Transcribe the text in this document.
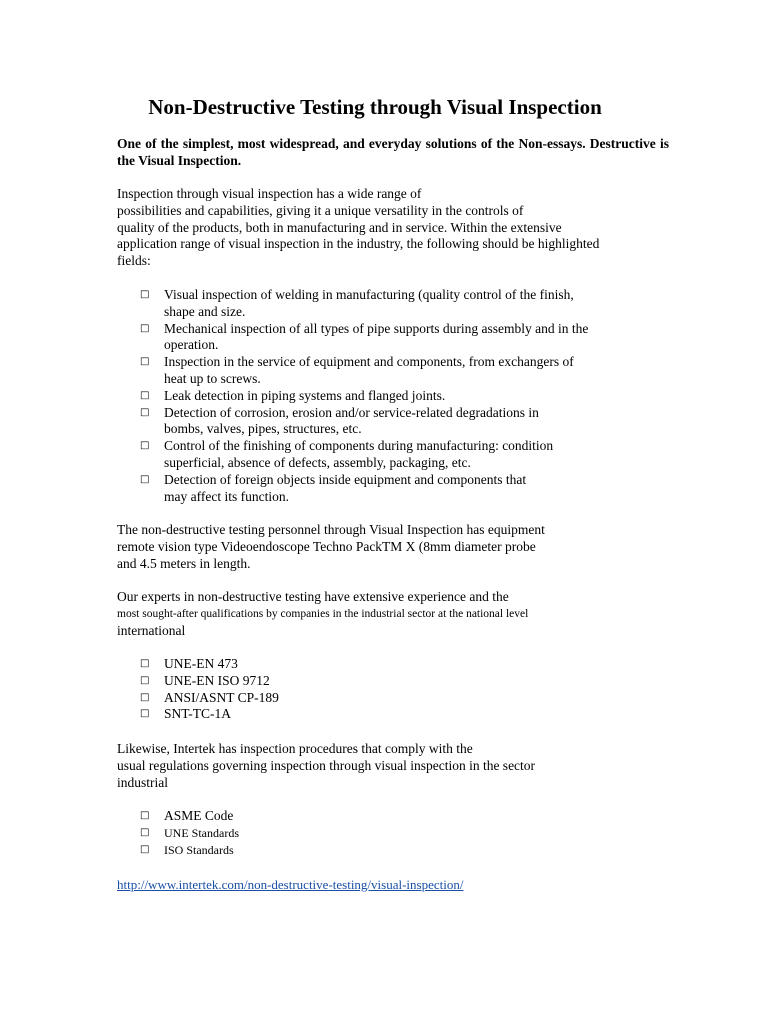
Non-Destructive Testing through Visual Inspection
One of the simplest, most widespread, and everyday solutions of the Non-essays. Destructive is the Visual Inspection.
Inspection through visual inspection has a wide range of
possibilities and capabilities, giving it a unique versatility in the controls of
quality of the products, both in manufacturing and in service. Within the extensive
application range of visual inspection in the industry, the following should be highlighted
fields:
□ Visual inspection of welding in manufacturing (quality control of the finish,
shape and size.
□ Mechanical inspection of all types of pipe supports during assembly and in the
operation.
□ Inspection in the service of equipment and components, from exchangers of
heat up to screws.
□ Leak detection in piping systems and flanged joints.
□ Detection of corrosion, erosion and/or service-related degradations in
bombs, valves, pipes, structures, etc.
□ Control of the finishing of components during manufacturing: condition
superficial, absence of defects, assembly, packaging, etc.
□ Detection of foreign objects inside equipment and components that
may affect its function.
The non-destructive testing personnel through Visual Inspection has equipment
remote vision type Videoendoscope Techno PackTM X (8mm diameter probe
and 4.5 meters in length.
Our experts in non-destructive testing have extensive experience and the
most sought-after qualifications by companies in the industrial sector at the national level
international
□ UNE-EN 473
□ UNE-EN ISO 9712
□ ANSI/ASNT CP-189
□ SNT-TC-1A
Likewise, Intertek has inspection procedures that comply with the
usual regulations governing inspection through visual inspection in the sector
industrial
□ ASME Code
□ UNE Standards
□ ISO Standards
http://www.intertek.com/non-destructive-testing/visual-inspection/
